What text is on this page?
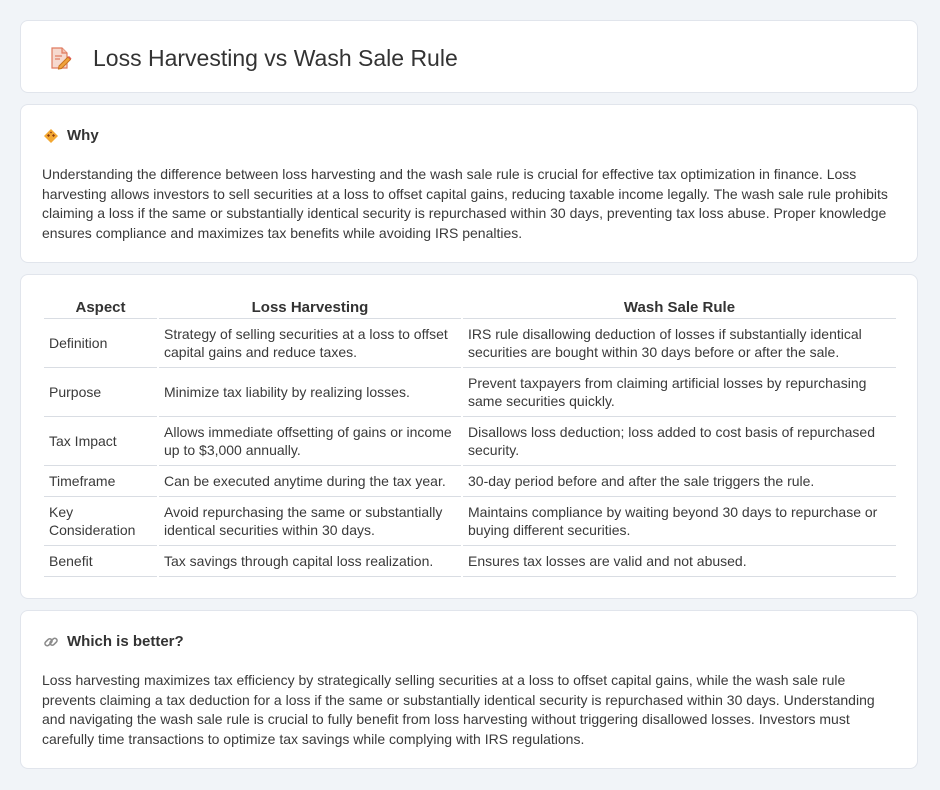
Loss Harvesting vs Wash Sale Rule
Why

Understanding the difference between loss harvesting and the wash sale rule is crucial for effective tax optimization in finance. Loss harvesting allows investors to sell securities at a loss to offset capital gains, reducing taxable income legally. The wash sale rule prohibits claiming a loss if the same or substantially identical security is repurchased within 30 days, preventing tax loss abuse. Proper knowledge ensures compliance and maximizes tax benefits while avoiding IRS penalties.

Aspect	Loss Harvesting	Wash Sale Rule
Definition	Strategy of selling securities at a loss to offset capital gains and reduce taxes.	IRS rule disallowing deduction of losses if substantially identical securities are bought within 30 days before or after the sale.
Purpose	Minimize tax liability by realizing losses.	Prevent taxpayers from claiming artificial losses by repurchasing same securities quickly.
Tax Impact	Allows immediate offsetting of gains or income up to $3,000 annually.	Disallows loss deduction; loss added to cost basis of repurchased security.
Timeframe	Can be executed anytime during the tax year.	30-day period before and after the sale triggers the rule.
Key Consideration	Avoid repurchasing the same or substantially identical securities within 30 days.	Maintains compliance by waiting beyond 30 days to repurchase or buying different securities.
Benefit	Tax savings through capital loss realization.	Ensures tax losses are valid and not abused.
Which is better?

Loss harvesting maximizes tax efficiency by strategically selling securities at a loss to offset capital gains, while the wash sale rule prevents claiming a tax deduction for a loss if the same or substantially identical security is repurchased within 30 days. Understanding and navigating the wash sale rule is crucial to fully benefit from loss harvesting without triggering disallowed losses. Investors must carefully time transactions to optimize tax savings while complying with IRS regulations.
